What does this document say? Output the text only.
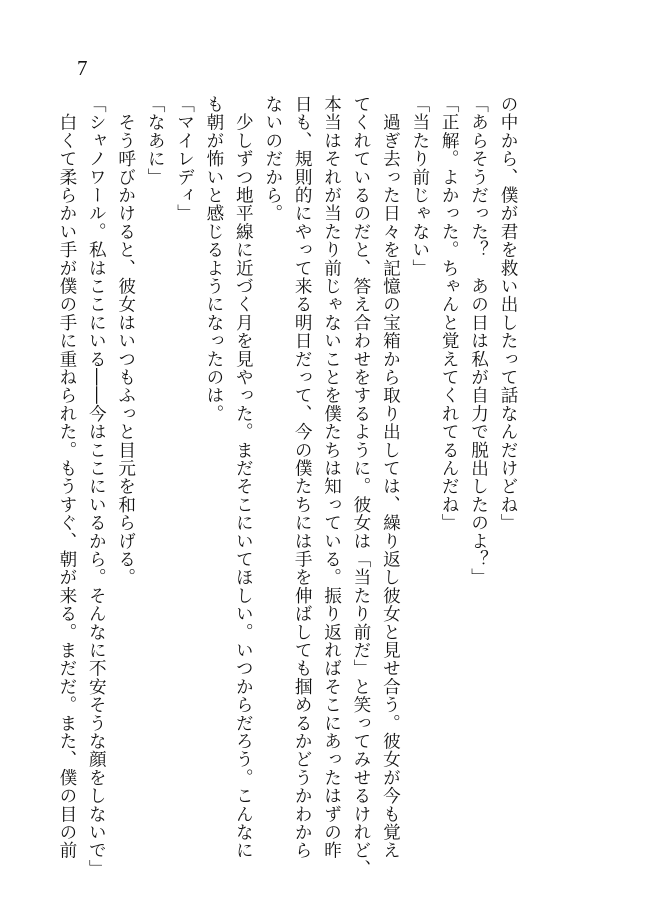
7
の中から、僕が君を救い出したって話なんだけどね」
「あらそうだった？　あの日は私が自力で脱出したのよ？」
「正解。よかった。ちゃんと覚えてくれてるんだね」
「当たり前じゃない」
　過ぎ去った日々を記憶の宝箱から取り出しては、繰り返し彼女と見せ合う。彼女が今も覚え
てくれているのだと、答え合わせをするように。彼女は「当たり前だ」と笑ってみせるけれど、
本当はそれが当たり前じゃないことを僕たちは知っている。振り返ればそこにあったはずの昨
日も、規則的にやって来る明日だって、今の僕たちには手を伸ばしても掴めるかどうかわから
ないのだから。
　少しずつ地平線に近づく月を見やった。まだそこにいてほしい。いつからだろう。こんなに
も朝が怖いと感じるようになったのは。
「マイレディ」
「なあに」
　そう呼びかけると、彼女はいつもふっと目元を和らげる。
「シャノワール。私はここにいる――今はここにいるから。そんなに不安そうな顔をしないで」
　白くて柔らかい手が僕の手に重ねられた。もうすぐ、朝が来る。まだだ。また、僕の目の前
